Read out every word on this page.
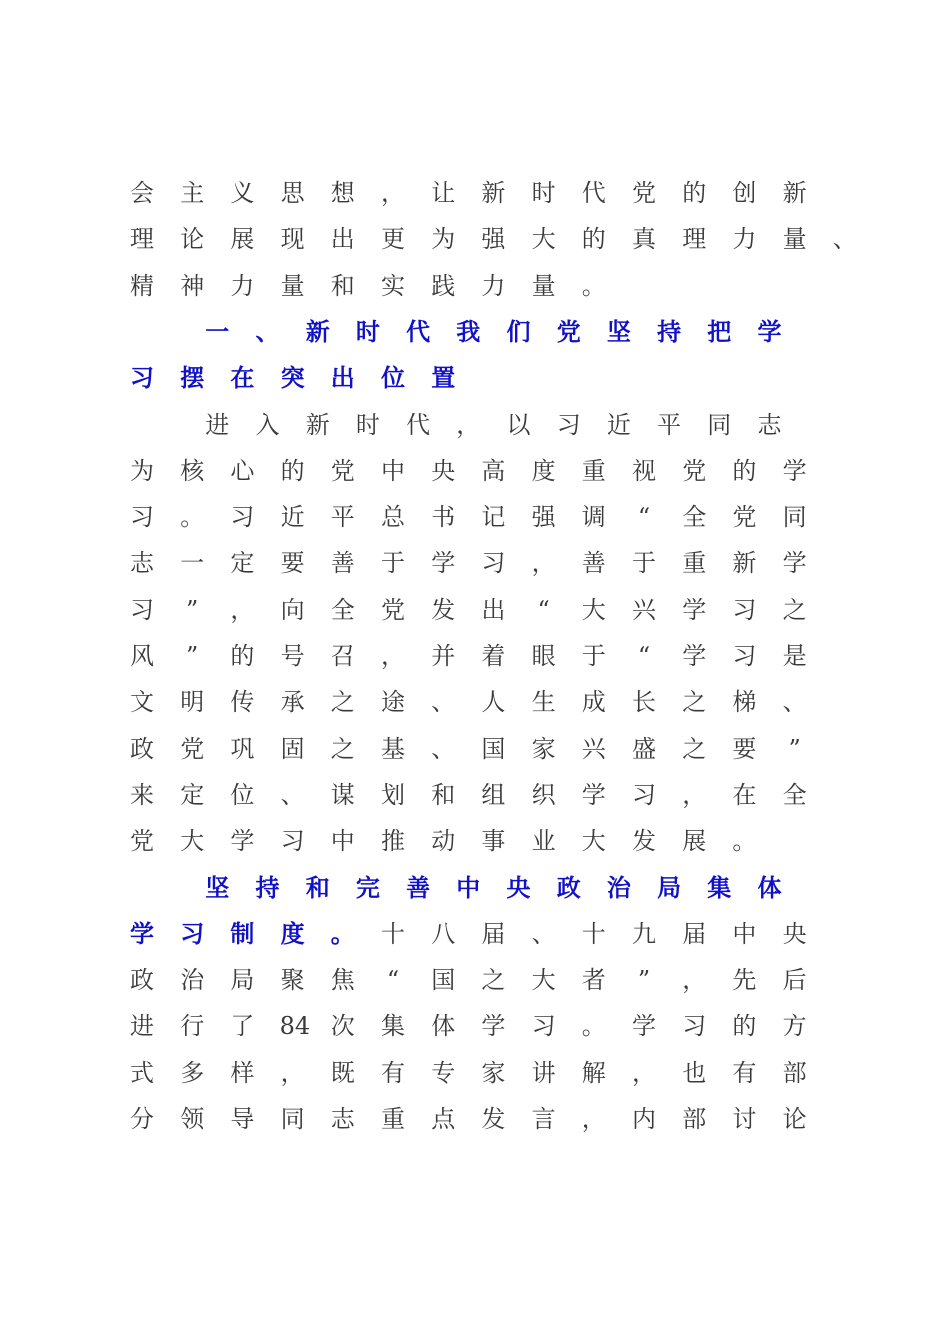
会 主 义 思 想 ， 让 新 时 代 党 的 创 新
理 论 展 现 出 更 为 强 大 的 真 理 力 量 、
精 神 力 量 和 实 践 力 量 。
一 、 新 时 代 我 们 党 坚 持 把 学
习 摆 在 突 出 位 置
进 入 新 时 代 ， 以 习 近 平 同 志
为 核 心 的 党 中 央 高 度 重 视 党 的 学
习 。 习 近 平 总 书 记 强 调 “ 全 党 同
志 一 定 要 善 于 学 习 ， 善 于 重 新 学
习 ” ， 向 全 党 发 出 “ 大 兴 学 习 之
风 ” 的 号 召 ， 并 着 眼 于 “ 学 习 是
文 明 传 承 之 途 、 人 生 成 长 之 梯 、
政 党 巩 固 之 基 、 国 家 兴 盛 之 要 ”
来 定 位 、 谋 划 和 组 织 学 习 ， 在 全
党 大 学 习 中 推 动 事 业 大 发 展 。
坚 持 和 完 善 中 央 政 治 局 集 体
学 习 制 度 。 十 八 届 、 十 九 届 中 央
政 治 局 聚 焦 “ 国 之 大 者 ” ， 先 后
进 行 了 84 次 集 体 学 习 。 学 习 的 方
式 多 样 ， 既 有 专 家 讲 解 ， 也 有 部
分 领 导 同 志 重 点 发 言 ， 内 部 讨 论
